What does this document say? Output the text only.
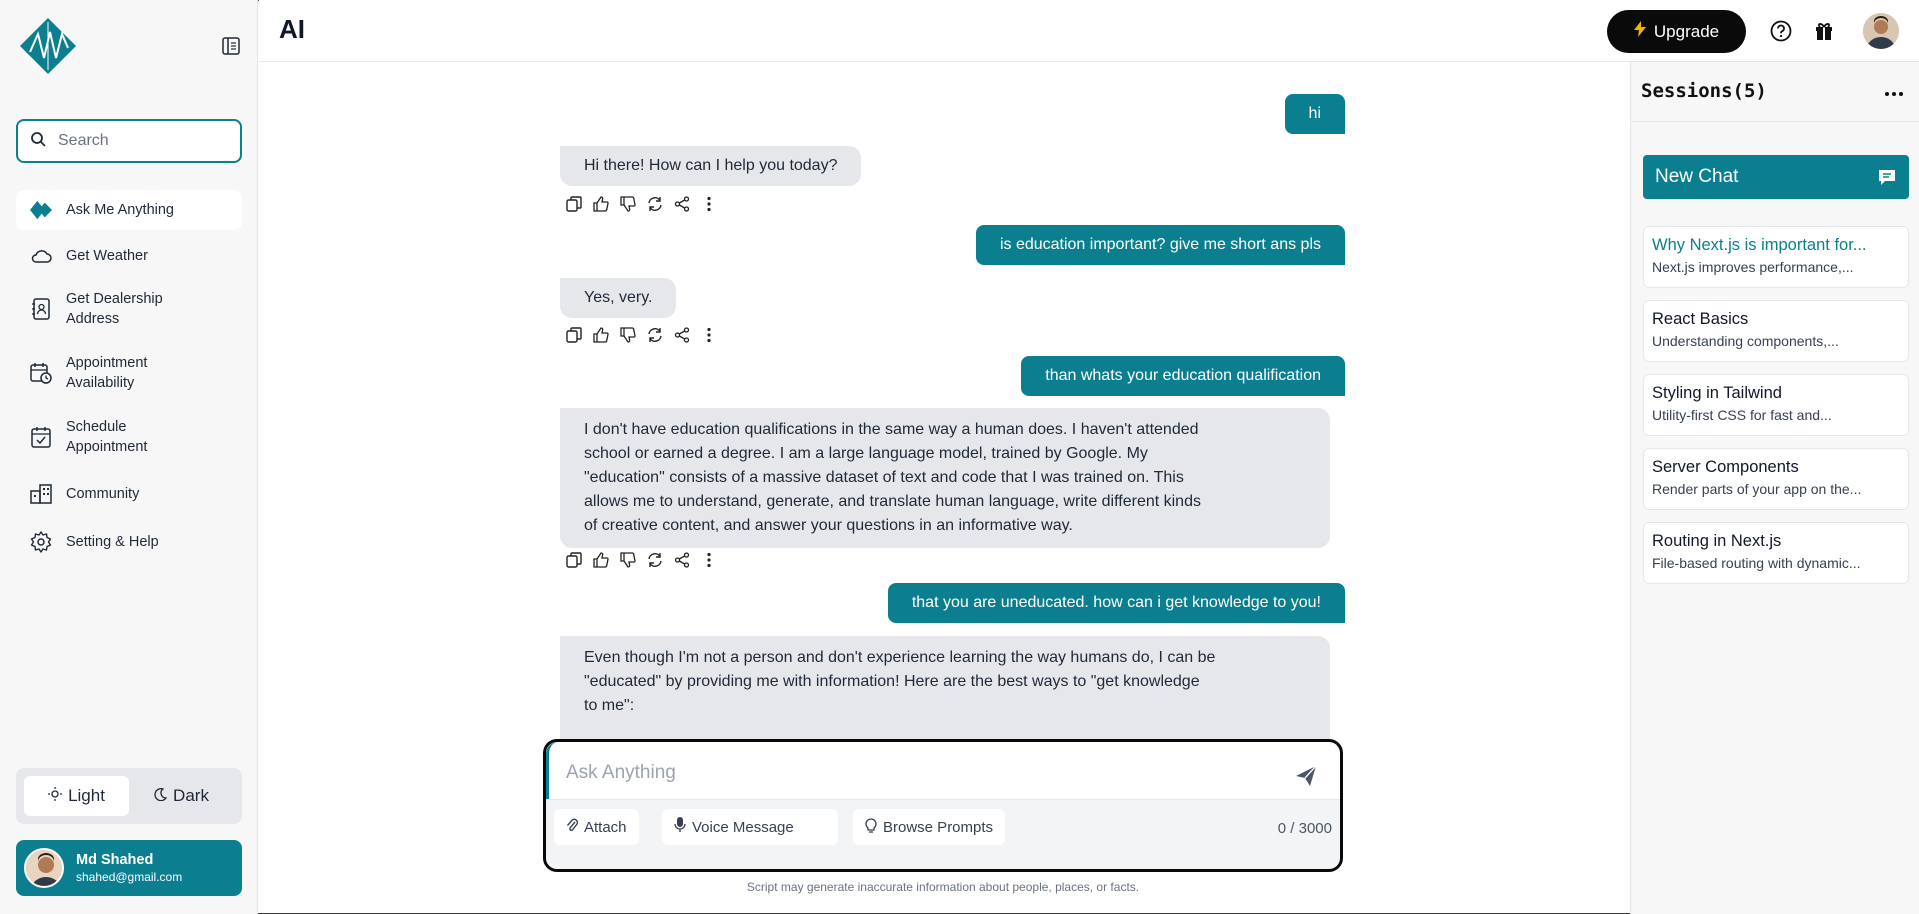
Search
Ask Me Anything
Get Weather
Get Dealership
Address
Appointment
Availability
Schedule
Appointment
Community
Setting & Help
Light	Dark
Md Shahed
shahed@gmail.com
AI	Upgrade
hi
Hi there! How can I help you today?
is education important? give me short ans pls
Yes, very.
than whats your education qualification
I don't have education qualifications in the same way a human does. I haven't attended
school or earned a degree. I am a large language model, trained by Google. My
"education" consists of a massive dataset of text and code that I was trained on. This
allows me to understand, generate, and translate human language, write different kinds
of creative content, and answer your questions in an informative way.
that you are uneducated. how can i get knowledge to you!
Even though I'm not a person and don't experience learning the way humans do, I can be
"educated" by providing me with information! Here are the best ways to "get knowledge
to me":
Ask Anything
Attach	Voice Message	Browse Prompts	0 / 3000
Script may generate inaccurate information about people, places, or facts.
Sessions(5)
New Chat
Why Next.js is important for...
Next.js improves performance,...
React Basics
Understanding components,...
Styling in Tailwind
Utility-first CSS for fast and...
Server Components
Render parts of your app on the...
Routing in Next.js
File-based routing with dynamic...
